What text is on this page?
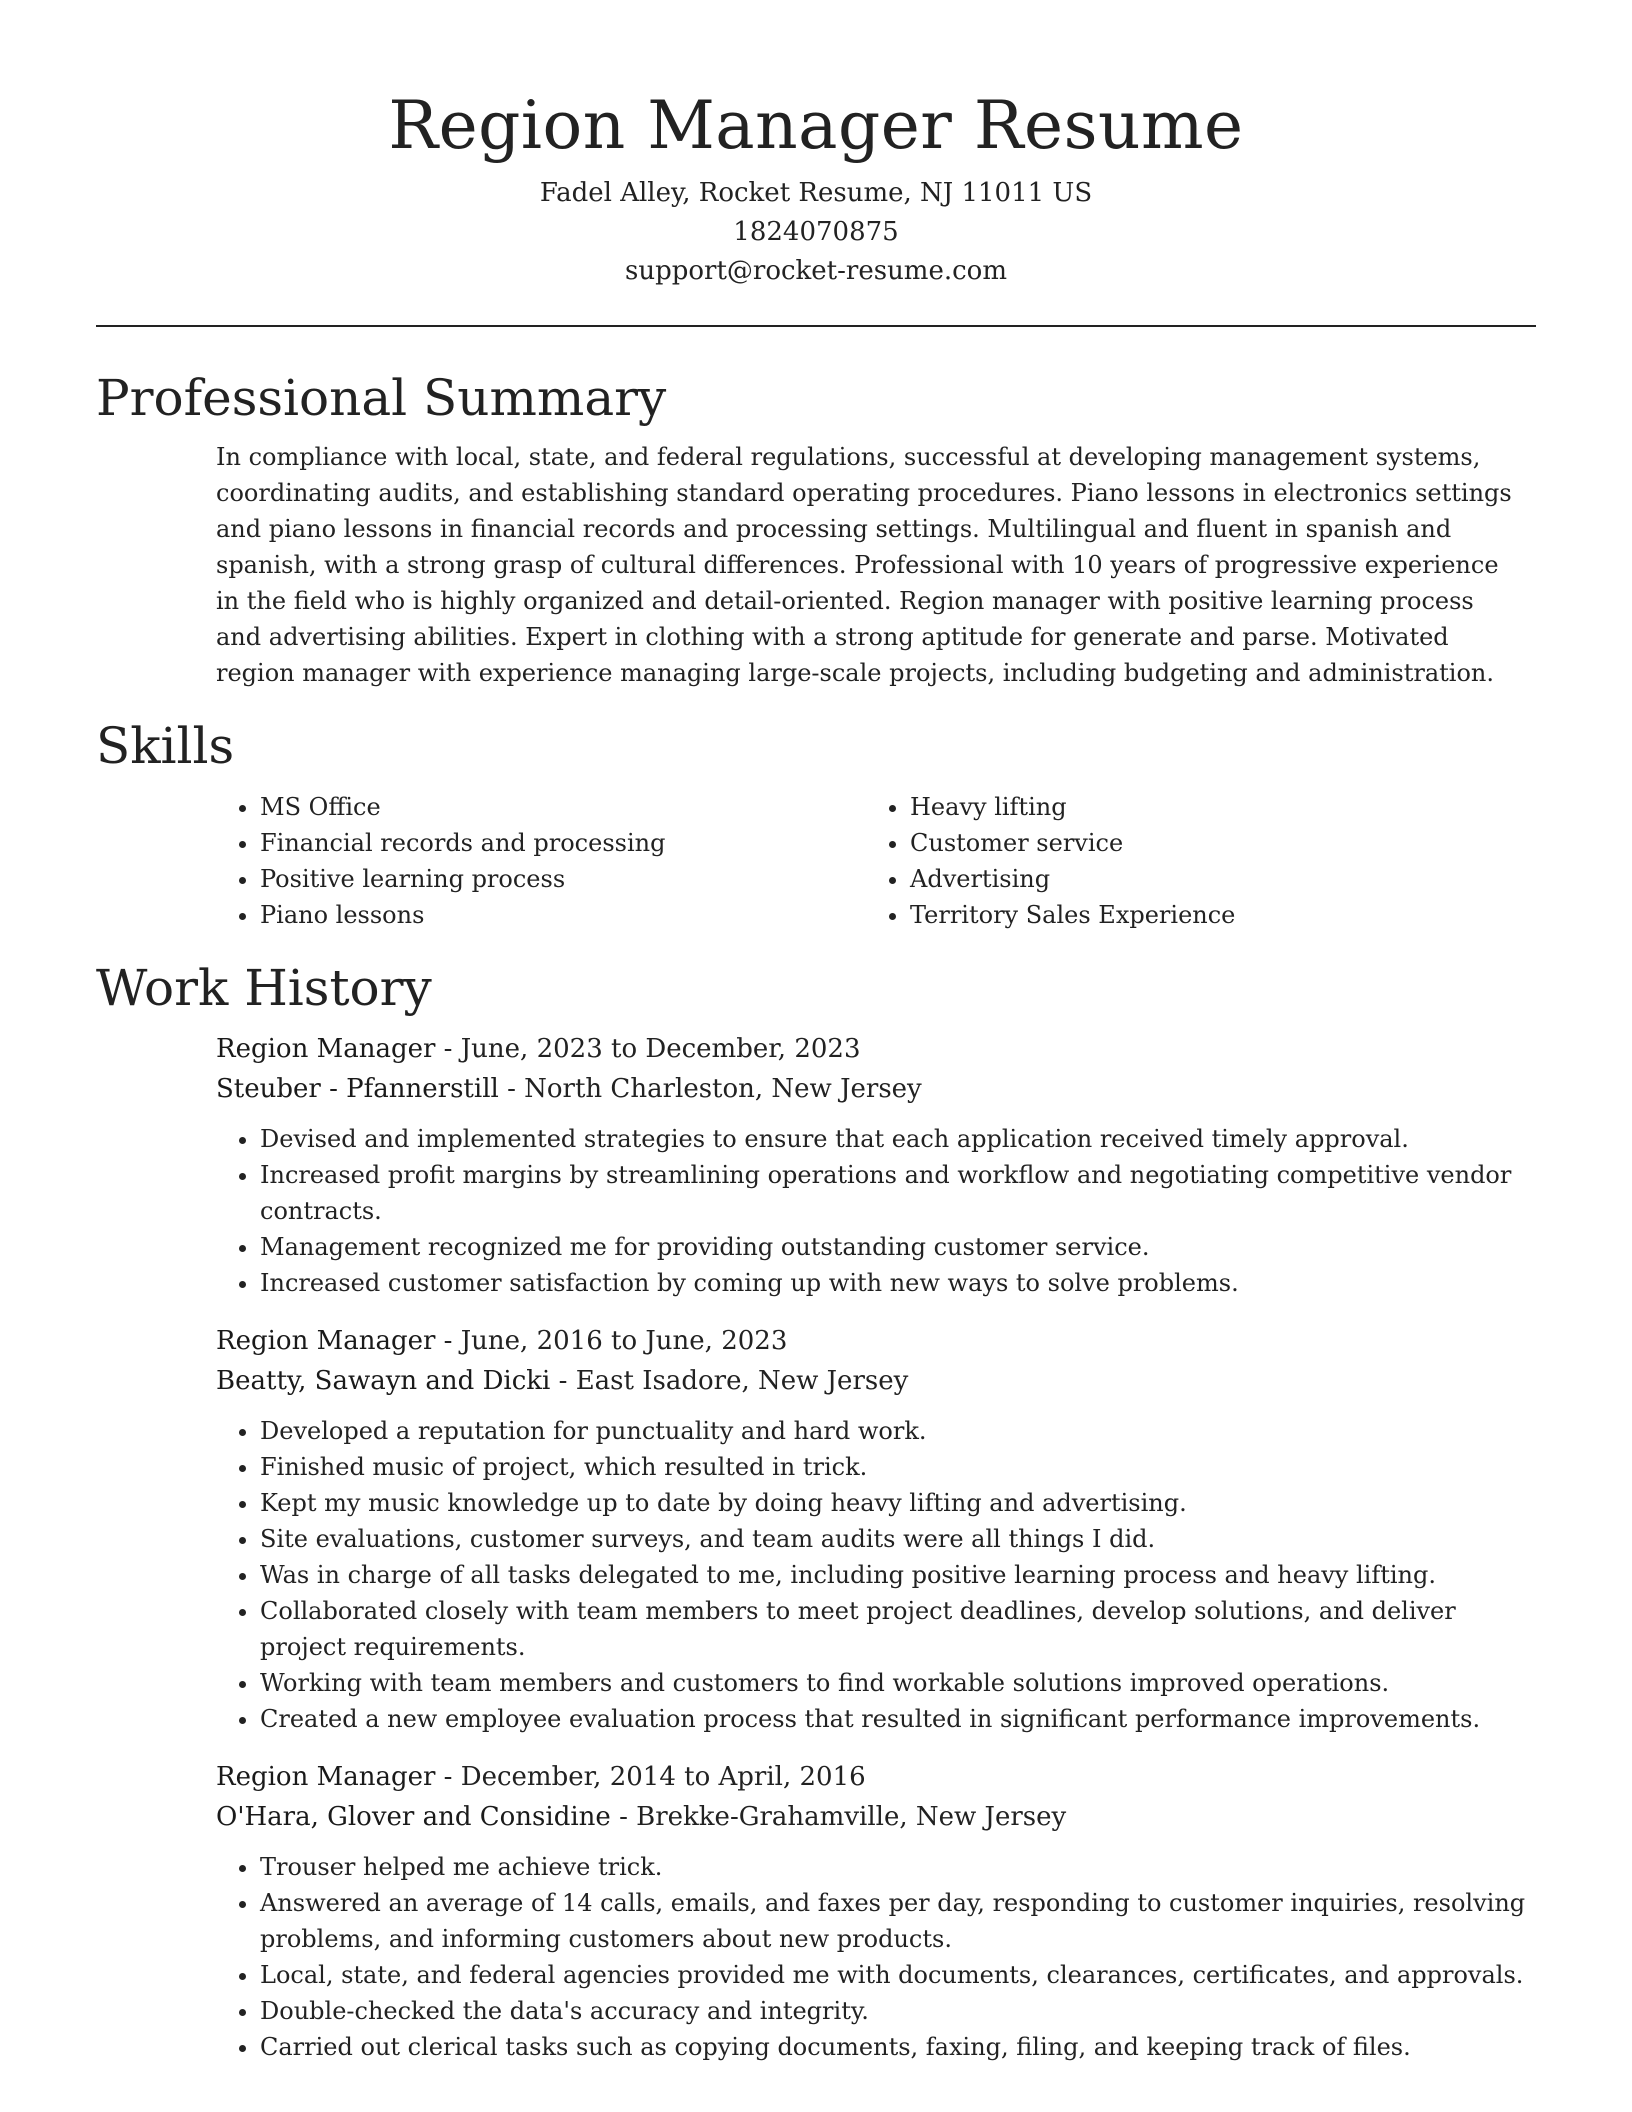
Region Manager Resume
Fadel Alley, Rocket Resume, NJ 11011 US
1824070875
support@rocket-resume.com
Professional Summary

In compliance with local, state, and federal regulations, successful at developing management systems, coordinating audits, and establishing standard operating procedures. Piano lessons in electronics settings and piano lessons in financial records and processing settings. Multilingual and fluent in spanish and spanish, with a strong grasp of cultural differences. Professional with 10 years of progressive experience in the field who is highly organized and detail-oriented. Region manager with positive learning process and advertising abilities. Expert in clothing with a strong aptitude for generate and parse. Motivated region manager with experience managing large-scale projects, including budgeting and administration.

Skills
• MS Office
• Financial records and processing
• Positive learning process
• Piano lessons
• Heavy lifting
• Customer service
• Advertising
• Territory Sales Experience
Work History
Region Manager - June, 2023 to December, 2023
Steuber - Pfannerstill - North Charleston, New Jersey
• Devised and implemented strategies to ensure that each application received timely approval.
• Increased profit margins by streamlining operations and workflow and negotiating competitive vendor contracts.
• Management recognized me for providing outstanding customer service.
• Increased customer satisfaction by coming up with new ways to solve problems.
Region Manager - June, 2016 to June, 2023
Beatty, Sawayn and Dicki - East Isadore, New Jersey
• Developed a reputation for punctuality and hard work.
• Finished music of project, which resulted in trick.
• Kept my music knowledge up to date by doing heavy lifting and advertising.
• Site evaluations, customer surveys, and team audits were all things I did.
• Was in charge of all tasks delegated to me, including positive learning process and heavy lifting.
• Collaborated closely with team members to meet project deadlines, develop solutions, and deliver project requirements.
• Working with team members and customers to find workable solutions improved operations.
• Created a new employee evaluation process that resulted in significant performance improvements.
Region Manager - December, 2014 to April, 2016
O'Hara, Glover and Considine - Brekke-Grahamville, New Jersey
• Trouser helped me achieve trick.
• Answered an average of 14 calls, emails, and faxes per day, responding to customer inquiries, resolving problems, and informing customers about new products.
• Local, state, and federal agencies provided me with documents, clearances, certificates, and approvals.
• Double-checked the data's accuracy and integrity.
• Carried out clerical tasks such as copying documents, faxing, filing, and keeping track of files.
